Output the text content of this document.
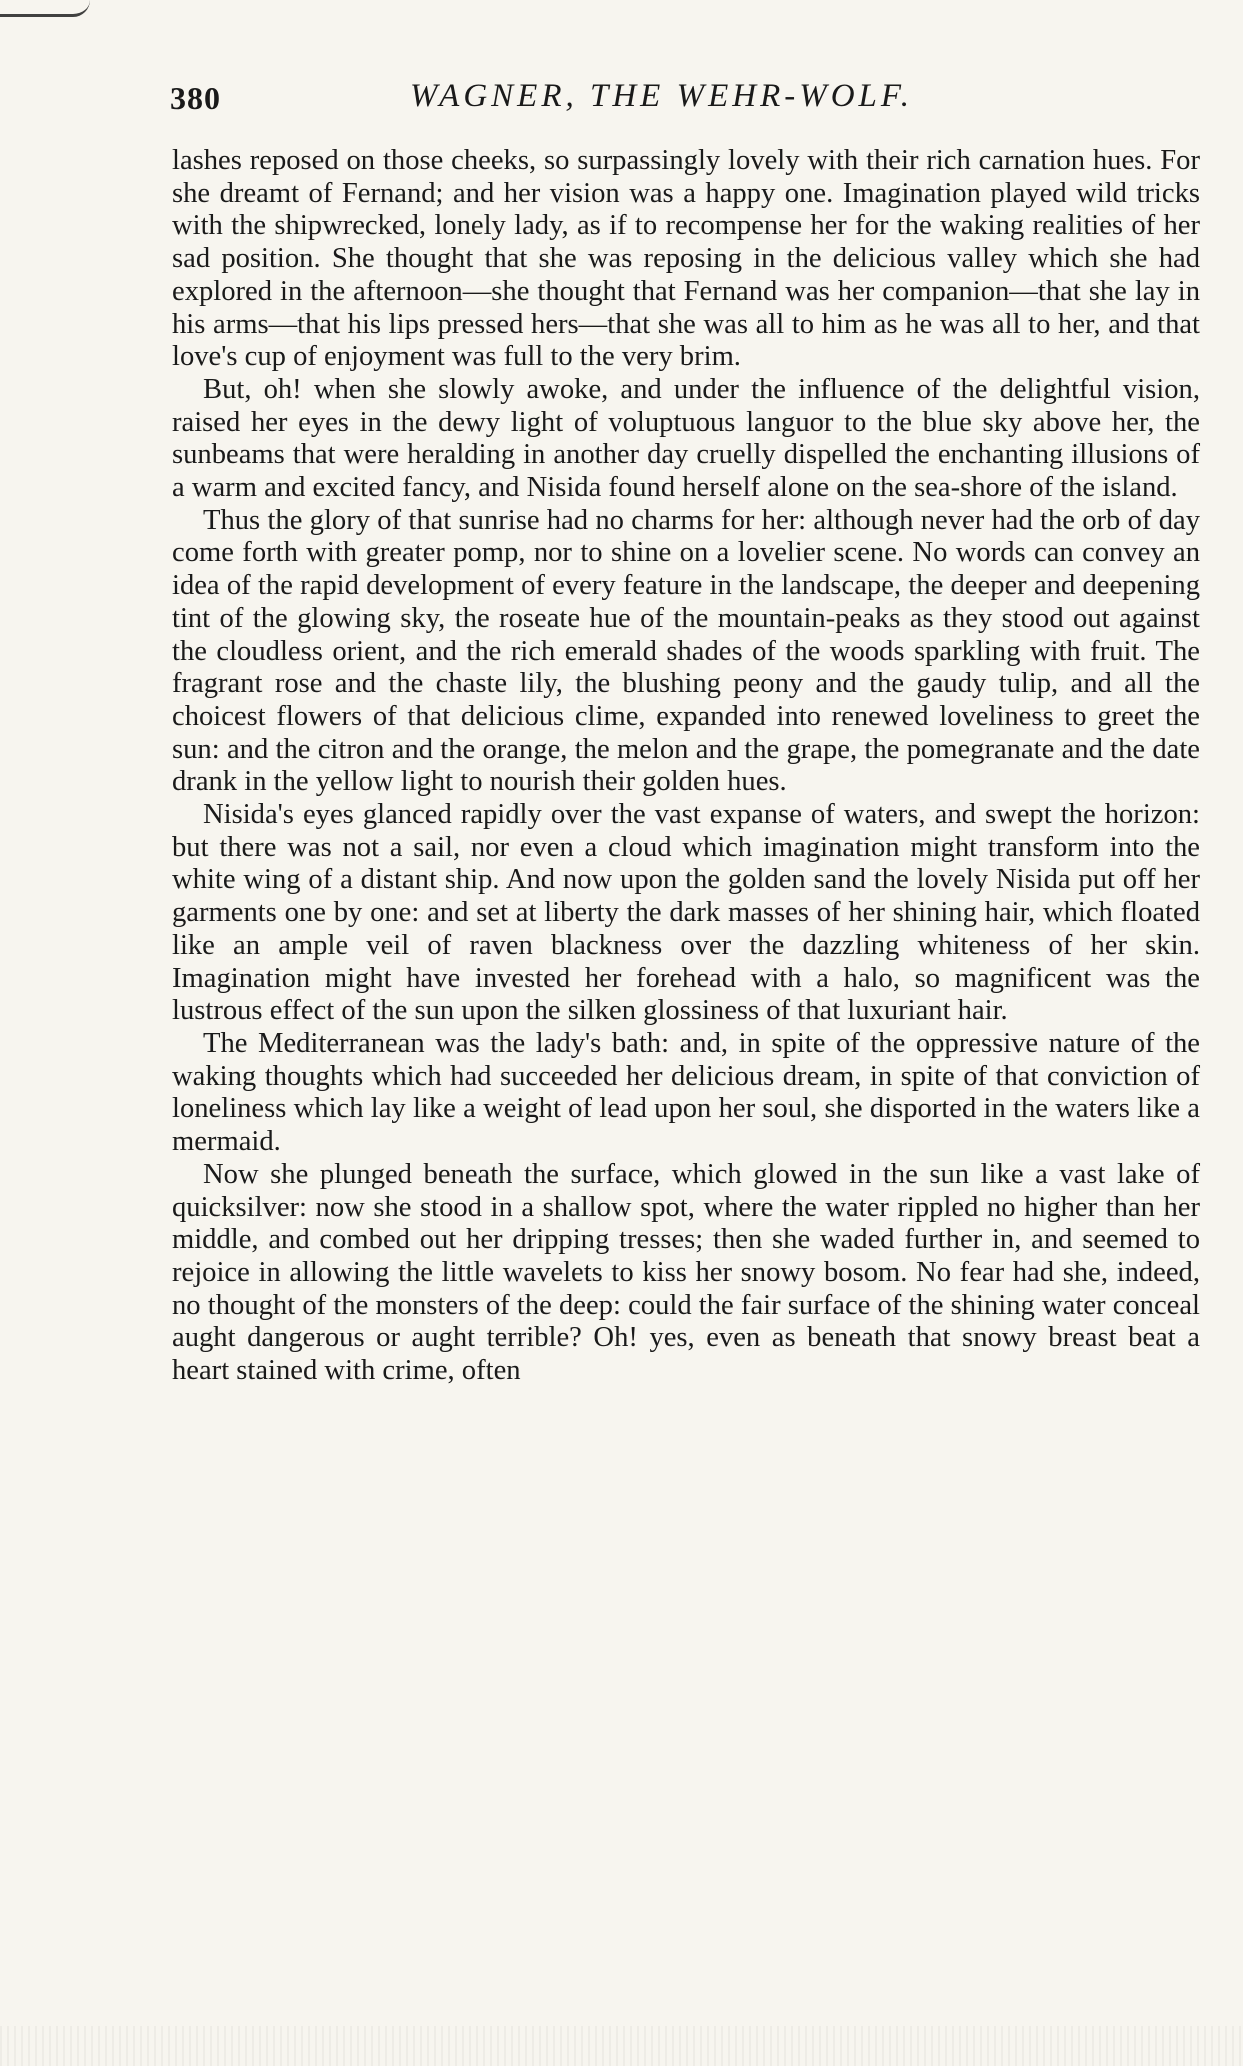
380	WAGNER, THE WEHR-WOLF.

lashes reposed on those cheeks, so surpassingly lovely with their rich carnation hues. For she dreamt of Fernand; and her vision was a happy one. Imagination played wild tricks with the shipwrecked, lonely lady, as if to recompense her for the waking realities of her sad position. She thought that she was reposing in the delicious valley which she had explored in the afternoon—she thought that Fernand was her companion—that she lay in his arms—that his lips pressed hers—that she was all to him as he was all to her, and that love's cup of enjoyment was full to the very brim.

But, oh! when she slowly awoke, and under the influence of the delightful vision, raised her eyes in the dewy light of voluptuous languor to the blue sky above her, the sunbeams that were heralding in another day cruelly dispelled the enchanting illusions of a warm and excited fancy, and Nisida found herself alone on the sea-shore of the island.

Thus the glory of that sunrise had no charms for her: although never had the orb of day come forth with greater pomp, nor to shine on a lovelier scene. No words can convey an idea of the rapid development of every feature in the landscape, the deeper and deepening tint of the glowing sky, the roseate hue of the mountain-peaks as they stood out against the cloudless orient, and the rich emerald shades of the woods sparkling with fruit. The fragrant rose and the chaste lily, the blushing peony and the gaudy tulip, and all the choicest flowers of that delicious clime, expanded into renewed loveliness to greet the sun: and the citron and the orange, the melon and the grape, the pomegranate and the date drank in the yellow light to nourish their golden hues.

Nisida's eyes glanced rapidly over the vast expanse of waters, and swept the horizon: but there was not a sail, nor even a cloud which imagination might transform into the white wing of a distant ship. And now upon the golden sand the lovely Nisida put off her garments one by one: and set at liberty the dark masses of her shining hair, which floated like an ample veil of raven blackness over the dazzling whiteness of her skin. Imagination might have invested her forehead with a halo, so magnificent was the lustrous effect of the sun upon the silken glossiness of that luxuriant hair.

The Mediterranean was the lady's bath: and, in spite of the oppressive nature of the waking thoughts which had succeeded her delicious dream, in spite of that conviction of loneliness which lay like a weight of lead upon her soul, she disported in the waters like a mermaid.

Now she plunged beneath the surface, which glowed in the sun like a vast lake of quicksilver: now she stood in a shallow spot, where the water rippled no higher than her middle, and combed out her dripping tresses; then she waded further in, and seemed to rejoice in allowing the little wavelets to kiss her snowy bosom. No fear had she, indeed, no thought of the monsters of the deep: could the fair surface of the shining water conceal aught dangerous or aught terrible? Oh! yes, even as beneath that snowy breast beat a heart stained with crime, often
